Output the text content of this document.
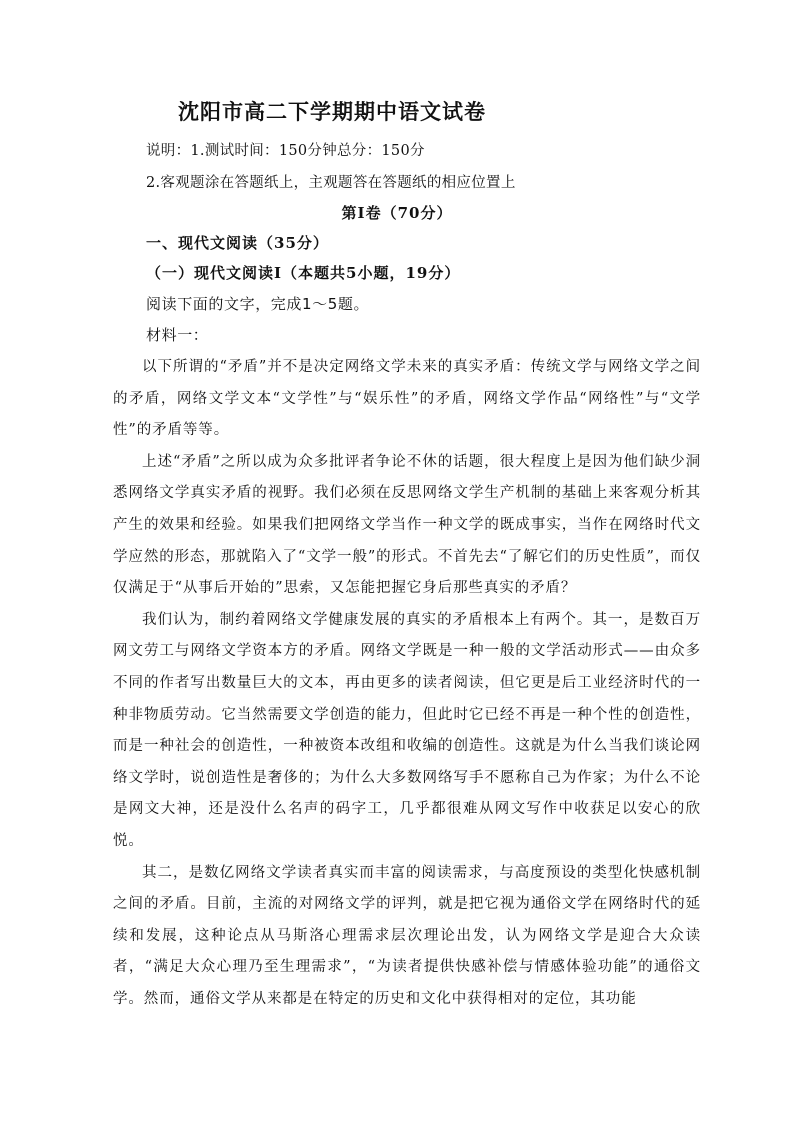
沈阳市高二下学期期中语文试卷
说明：1.测试时间：150分钟总分：150分
2.客观题涂在答题纸上，主观题答在答题纸的相应位置上
第Ⅰ卷（70分）
一、现代文阅读（35分）
（一）现代文阅读Ⅰ（本题共5小题，19分）
阅读下面的文字，完成1～5题。
材料一：

以下所谓的“矛盾”并不是决定网络文学未来的真实矛盾：传统文学与网络文学之间的矛盾，网络文学文本“文学性”与“娱乐性”的矛盾，网络文学作品“网络性”与“文学性”的矛盾等等。

上述“矛盾”之所以成为众多批评者争论不休的话题，很大程度上是因为他们缺少洞悉网络文学真实矛盾的视野。我们必须在反思网络文学生产机制的基础上来客观分析其产生的效果和经验。如果我们把网络文学当作一种文学的既成事实，当作在网络时代文学应然的形态，那就陷入了“文学一般”的形式。不首先去“了解它们的历史性质”，而仅仅满足于“从事后开始的”思索，又怎能把握它身后那些真实的矛盾？

我们认为，制约着网络文学健康发展的真实的矛盾根本上有两个。其一，是数百万网文劳工与网络文学资本方的矛盾。网络文学既是一种一般的文学活动形式——由众多不同的作者写出数量巨大的文本，再由更多的读者阅读，但它更是后工业经济时代的一种非物质劳动。它当然需要文学创造的能力，但此时它已经不再是一种个性的创造性，而是一种社会的创造性，一种被资本改组和收编的创造性。这就是为什么当我们谈论网络文学时，说创造性是奢侈的；为什么大多数网络写手不愿称自己为作家；为什么不论是网文大神，还是没什么名声的码字工，几乎都很难从网文写作中收获足以安心的欣悦。

其二，是数亿网络文学读者真实而丰富的阅读需求，与高度预设的类型化快感机制之间的矛盾。目前，主流的对网络文学的评判，就是把它视为通俗文学在网络时代的延续和发展，这种论点从马斯洛心理需求层次理论出发，认为网络文学是迎合大众读者，“满足大众心理乃至生理需求”，“为读者提供快感补偿与情感体验功能”的通俗文学。然而，通俗文学从来都是在特定的历史和文化中获得相对的定位，其功能
